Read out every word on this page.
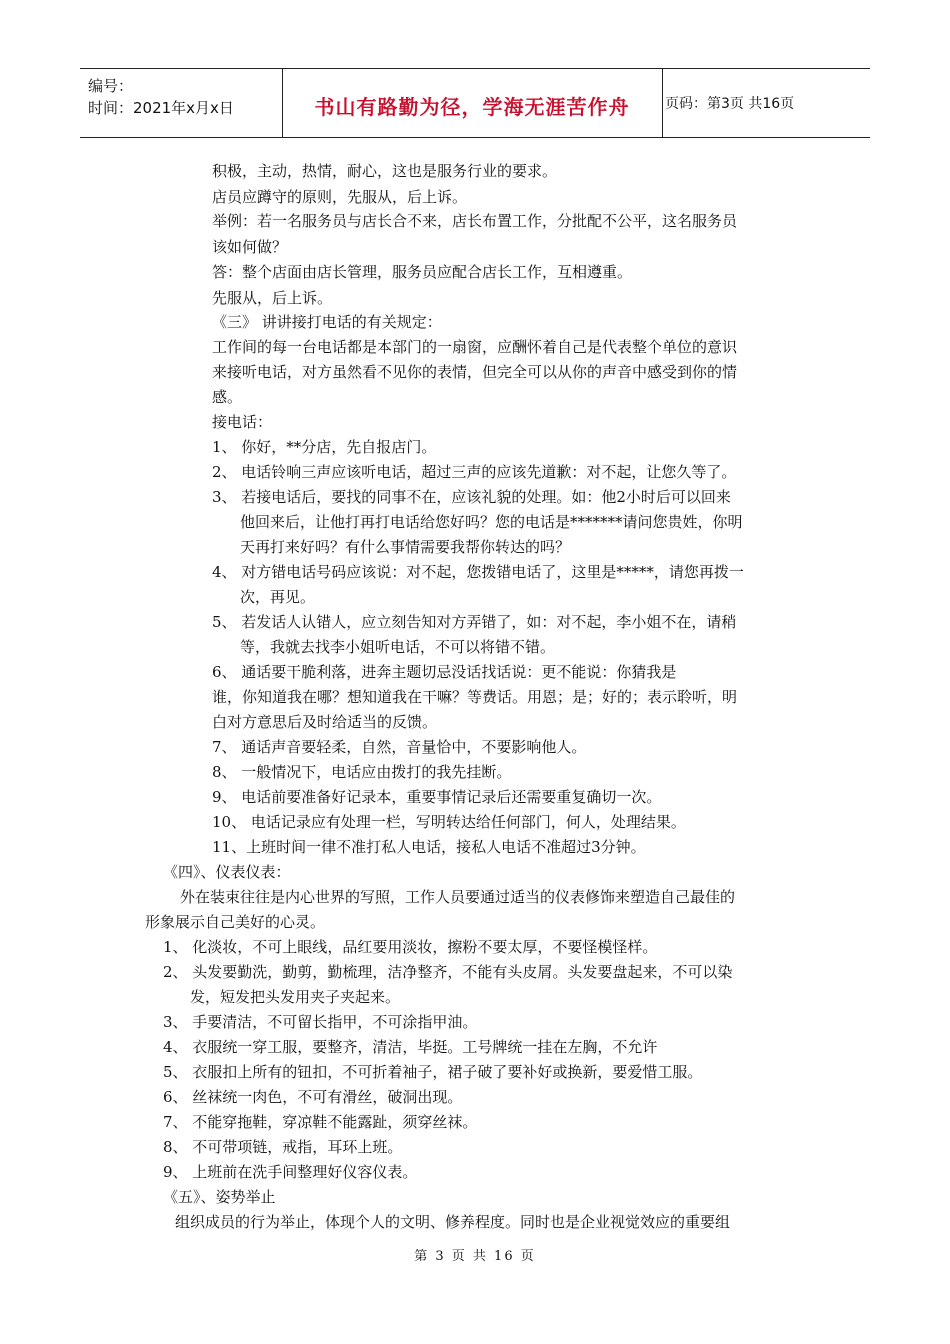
编号：
时间：2021年x月x日	书山有路勤为径，学海无涯苦作舟	页码：第3页 共16页
积极，主动，热情，耐心，这也是服务行业的要求。
店员应蹲守的原则，先服从，后上诉。
举例：若一名服务员与店长合不来，店长布置工作，分批配不公平，这名服务员
该如何做？
答：整个店面由店长管理，服务员应配合店长工作，互相遵重。
先服从，后上诉。
《三》 讲讲接打电话的有关规定：
工作间的每一台电话都是本部门的一扇窗，应酬怀着自己是代表整个单位的意识
来接听电话，对方虽然看不见你的表情，但完全可以从你的声音中感受到你的情
感。
接电话：
1、 你好，**分店，先自报店门。
2、 电话铃响三声应该听电话，超过三声的应该先道歉：对不起，让您久等了。
3、 若接电话后，要找的同事不在，应该礼貌的处理。如：他2小时后可以回来
他回来后，让他打再打电话给您好吗？您的电话是*******请问您贵姓，你明
天再打来好吗？有什么事情需要我帮你转达的吗？
4、 对方错电话号码应该说：对不起，您拨错电话了，这里是*****，请您再拨一
次，再见。
5、 若发话人认错人，应立刻告知对方弄错了，如：对不起，李小姐不在，请稍
等，我就去找李小姐听电话，不可以将错不错。
6、 通话要干脆利落，进奔主题切忌没话找话说：更不能说：你猜我是
谁，你知道我在哪？想知道我在干嘛？等费话。用恩；是；好的；表示聆听，明
白对方意思后及时给适当的反馈。
7、 通话声音要轻柔，自然，音量恰中，不要影响他人。
8、 一般情况下，电话应由拨打的我先挂断。
9、 电话前要准备好记录本，重要事情记录后还需要重复确切一次。
10、 电话记录应有处理一栏，写明转达给任何部门，何人，处理结果。
11、上班时间一律不准打私人电话，接私人电话不准超过3分钟。
《四》、仪表仪表：
外在装束往往是内心世界的写照，工作人员要通过适当的仪表修饰来塑造自己最佳的
形象展示自己美好的心灵。
1、 化淡妆，不可上眼线，品红要用淡妆，擦粉不要太厚，不要怪模怪样。
2、 头发要勤洗，勤剪，勤梳理，洁净整齐，不能有头皮屑。头发要盘起来，不可以染
发，短发把头发用夹子夹起来。
3、 手要清洁，不可留长指甲，不可涂指甲油。
4、 衣服统一穿工服，要整齐，清洁，毕挺。工号牌统一挂在左胸，不允许
5、 衣服扣上所有的钮扣，不可折着袖子，裙子破了要补好或换新，要爱惜工服。
6、 丝袜统一肉色，不可有滑丝，破洞出现。
7、 不能穿拖鞋，穿凉鞋不能露趾，须穿丝袜。
8、 不可带项链，戒指，耳环上班。
9、 上班前在洗手间整理好仪容仪表。
《五》、姿势举止
组织成员的行为举止，体现个人的文明、修养程度。同时也是企业视觉效应的重要组
第 3 页 共 16 页
